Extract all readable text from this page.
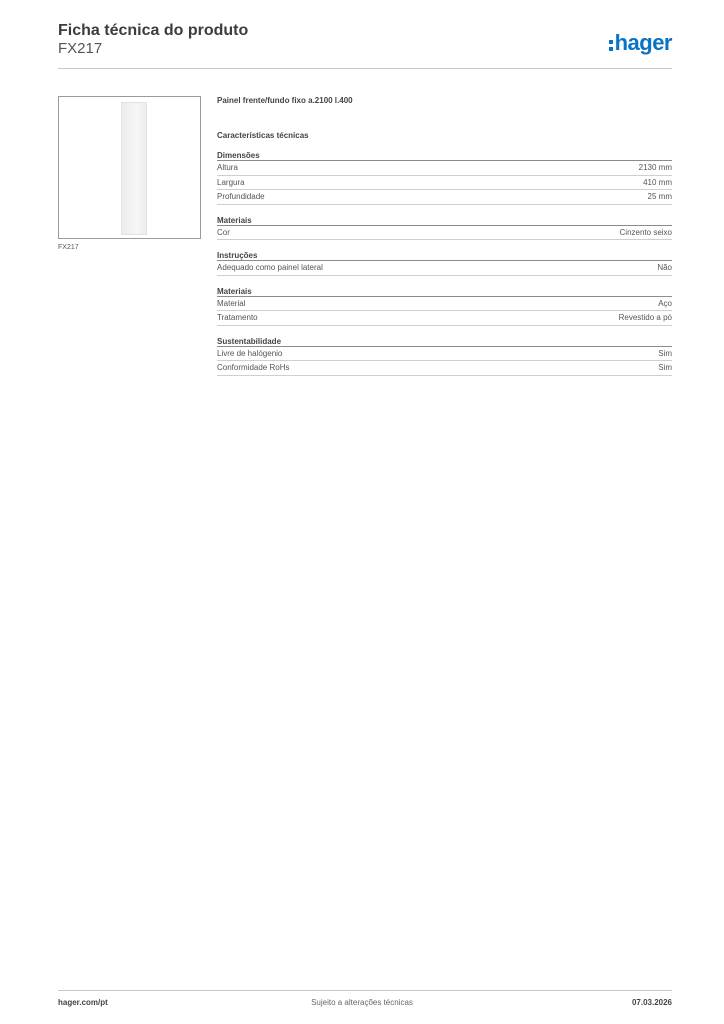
Ficha técnica do produto
FX217	hager
FX217
Painel frente/fundo fixo a.2100 l.400
Características técnicas
Dimensões
Altura	2130 mm
Largura	410 mm
Profundidade	25 mm
Materiais
Cor	Cinzento seixo
Instruções
Adequado como painel lateral	Não
Materiais
Material	Aço
Tratamento	Revestido a pó
Sustentabilidade
Livre de halógenio	Sim
Conformidade RoHs	Sim
hager.com/pt	Sujeito a alterações técnicas	07.03.2026
